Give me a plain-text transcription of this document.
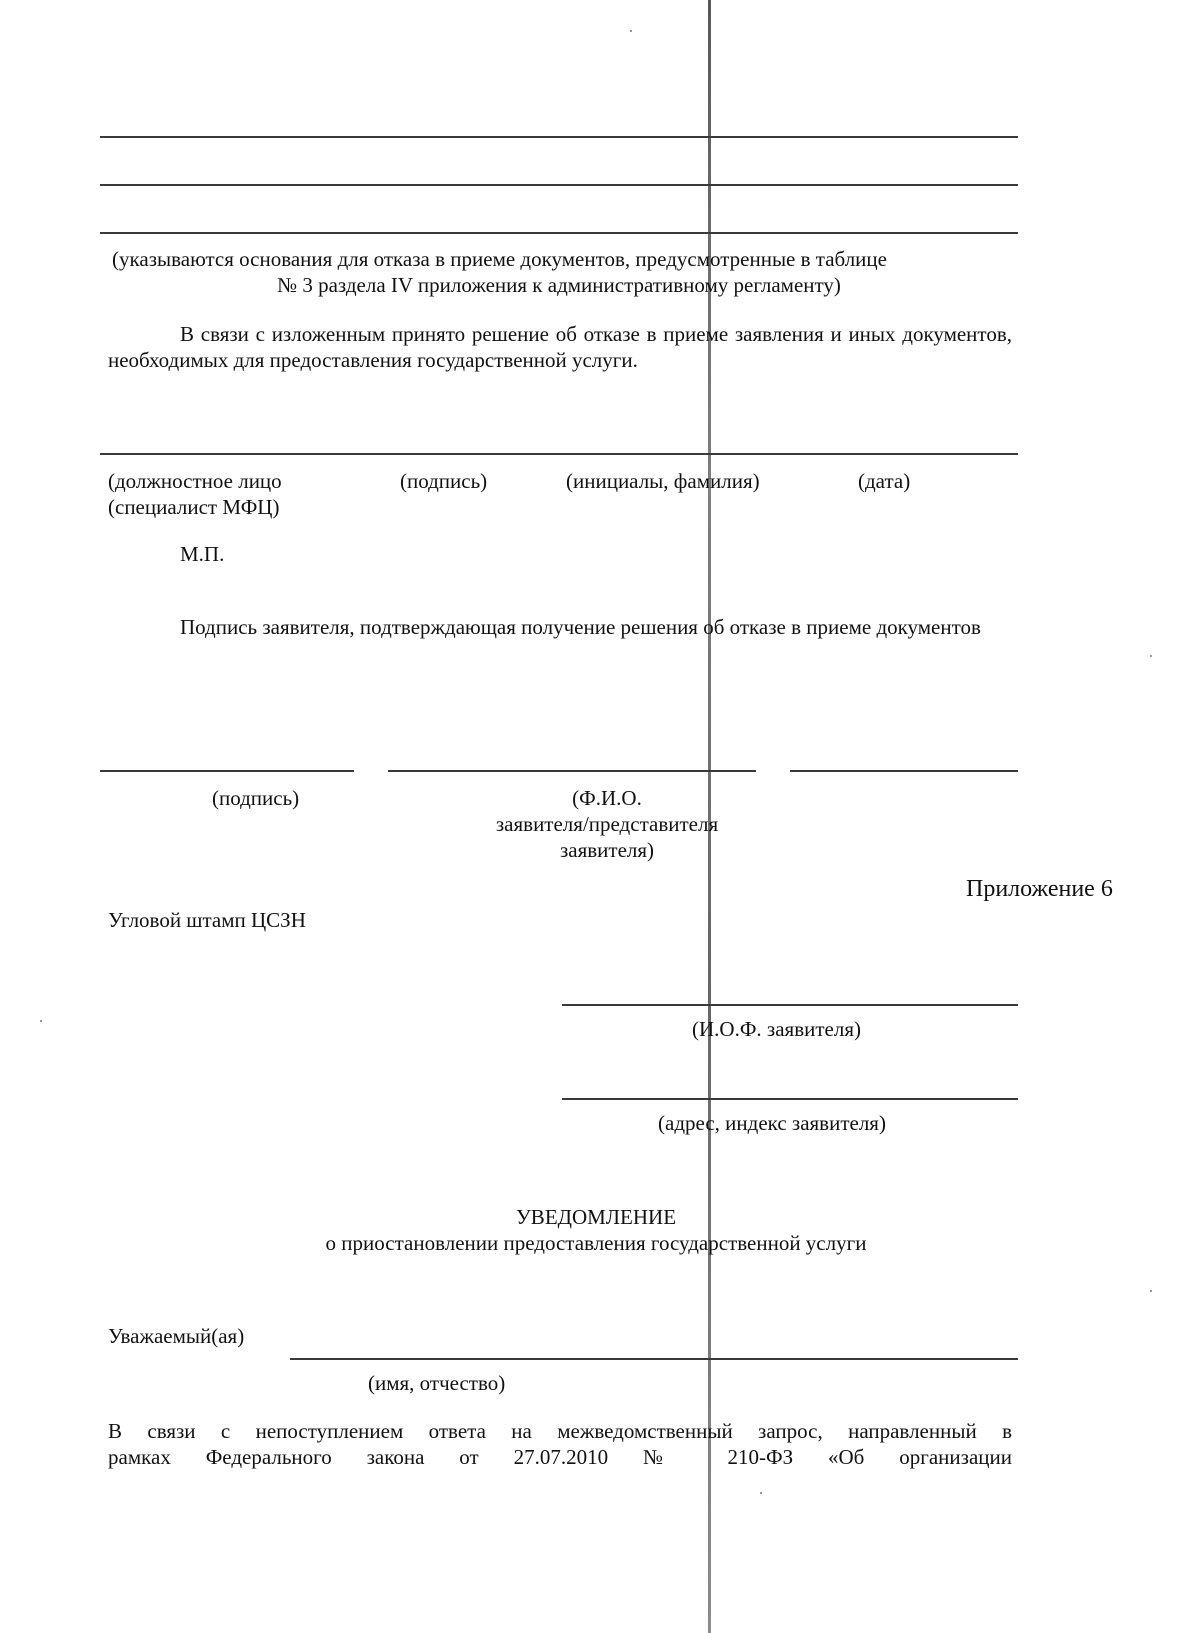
(указываются основания для отказа в приеме документов, предусмотренные в таблице
№ 3 раздела IV приложения к административному регламенту)
В связи с изложенным принято решение об отказе в приеме заявления и иных документов, необходимых для предоставления государственной услуги.
(должностное лицо
(специалист МФЦ)
(подпись)	(инициалы, фамилия)	(дата)
М.П.
Подпись заявителя, подтверждающая получение решения об отказе в приеме документов
(подпись)	(Ф.И.О.
заявителя/представителя
заявителя)
Приложение 6
Угловой штамп ЦСЗН
(И.О.Ф. заявителя)
(адрес, индекс заявителя)
УВЕДОМЛЕНИЕ
о приостановлении предоставления государственной услуги
Уважаемый(ая)
(имя, отчество)
В связи с непоступлением ответа на межведомственный запрос, направленный в
рамках Федерального закона от 27.07.2010 № 210-ФЗ «Об организации
